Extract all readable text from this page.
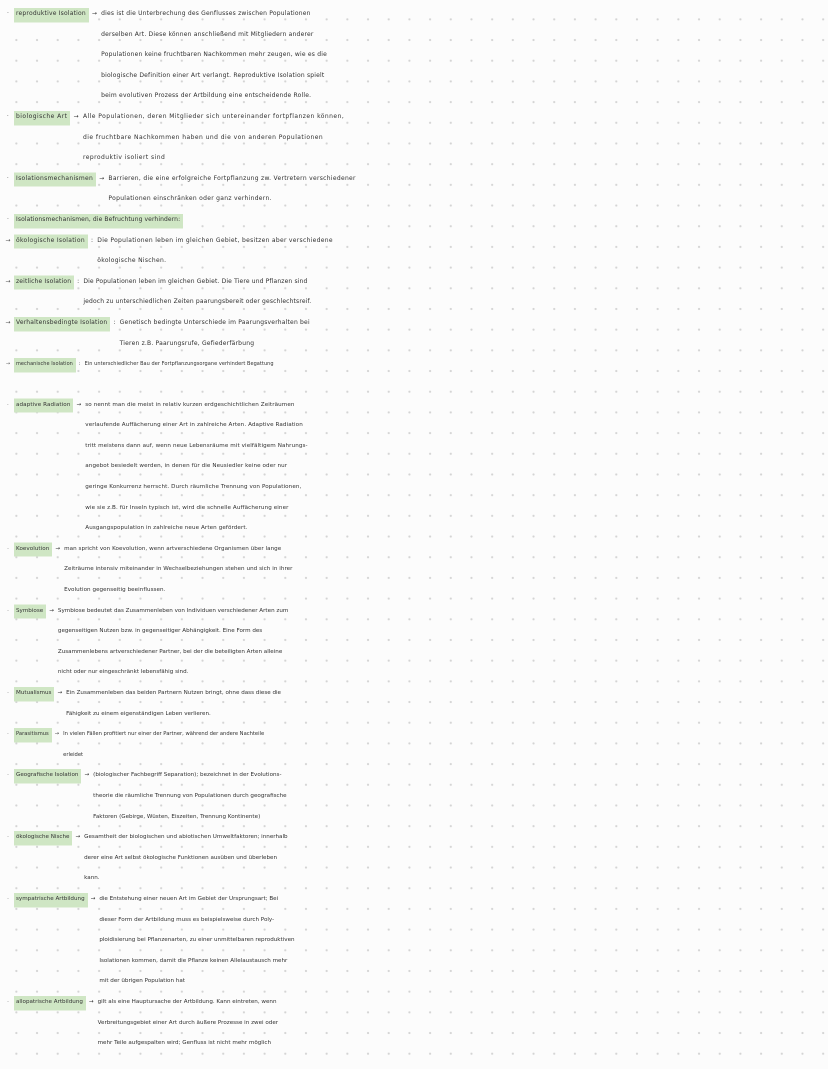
·	reproduktive Isolation	→ dies ist die Unterbrechung des Genflusses zwischen Populationen
derselben Art. Diese können anschließend mit Mitgliedern anderer
Populationen keine fruchtbaren Nachkommen mehr zeugen, wie es die
biologische Definition einer Art verlangt. Reproduktive Isolation spielt
beim evolutiven Prozess der Artbildung eine entscheidende Rolle.
·	biologische Art	→ Alle Populationen, deren Mitglieder sich untereinander fortpflanzen können,
die fruchtbare Nachkommen haben und die von anderen Populationen
reproduktiv isoliert sind
·	Isolationsmechanismen	→ Barrieren, die eine erfolgreiche Fortpflanzung zw. Vertretern verschiedener
Populationen einschränken oder ganz verhindern.
·	Isolationsmechanismen, die Befruchtung verhindern:
→ ökologische Isolation	: Die Populationen leben im gleichen Gebiet, besitzen aber verschiedene
ökologische Nischen.
→ zeitliche Isolation	: Die Populationen leben im gleichen Gebiet. Die Tiere und Pflanzen sind
jedoch zu unterschiedlichen Zeiten paarungsbereit oder geschlechtsreif.
→ Verhaltensbedingte Isolation	: Genetisch bedingte Unterschiede im Paarungsverhalten bei
Tieren z.B. Paarungsrufe, Gefiederfärbung
→	mechanische Isolation	: Ein unterschiedlicher Bau der Fortpflanzungsorgane verhindert Begattung
·	adaptive Radiation	→ so nennt man die meist in relativ kurzen erdgeschichtlichen Zeiträumen
verlaufende Auffächerung einer Art in zahlreiche Arten. Adaptive Radiation
tritt meistens dann auf, wenn neue Lebensräume mit vielfältigem Nahrungs-
angebot besiedelt werden, in denen für die Neusiedler keine oder nur
geringe Konkurrenz herrscht. Durch räumliche Trennung von Populationen,
wie sie z.B. für Inseln typisch ist, wird die schnelle Auffächerung einer
Ausgangspopulation in zahlreiche neue Arten gefördert.
·	Koevolution	→ man spricht von Koevolution, wenn artverschiedene Organismen über lange
Zeiträume intensiv miteinander in Wechselbeziehungen stehen und sich in ihrer
Evolution gegenseitig beeinflussen.
·	Symbiose	→ Symbiose bedeutet das Zusammenleben von Individuen verschiedener Arten zum
gegenseitigen Nutzen bzw. in gegenseitiger Abhängigkeit. Eine Form des
Zusammenlebens artverschiedener Partner, bei der die beteiligten Arten alleine
nicht oder nur eingeschränkt lebensfähig sind.
·	Mutualismus	→ Ein Zusammenleben das beiden Partnern Nutzen bringt, ohne dass diese die
Fähigkeit zu einem eigenständigen Leben verlieren.
·	Parasitismus	→ In vielen Fällen profitiert nur einer der Partner, während der andere Nachteile
erleidet
·	Geografische Isolation	→ (biologischer Fachbegriff Separation); bezeichnet in der Evolutions-
theorie die räumliche Trennung von Populationen durch geografische
Faktoren (Gebirge, Wüsten, Eiszeiten, Trennung Kontinente)
·	ökologische Nische	→ Gesamtheit der biologischen und abiotischen Umweltfaktoren; innerhalb
derer eine Art selbst ökologische Funktionen ausüben und überleben
kann.
·	sympatrische Artbildung	→ die Entstehung einer neuen Art im Gebiet der Ursprungsart; Bei
dieser Form der Artbildung muss es beispielsweise durch Poly-
ploidisierung bei Pflanzenarten, zu einer unmittelbaren reproduktiven
Isolationen kommen, damit die Pflanze keinen Allelaustausch mehr
mit der übrigen Population hat
·	allopatrische Artbildung	→ gilt als eine Hauptursache der Artbildung. Kann eintreten, wenn
Verbreitungsgebiet einer Art durch äußere Prozesse in zwei oder
mehr Teile aufgespalten wird; Genfluss ist nicht mehr möglich
